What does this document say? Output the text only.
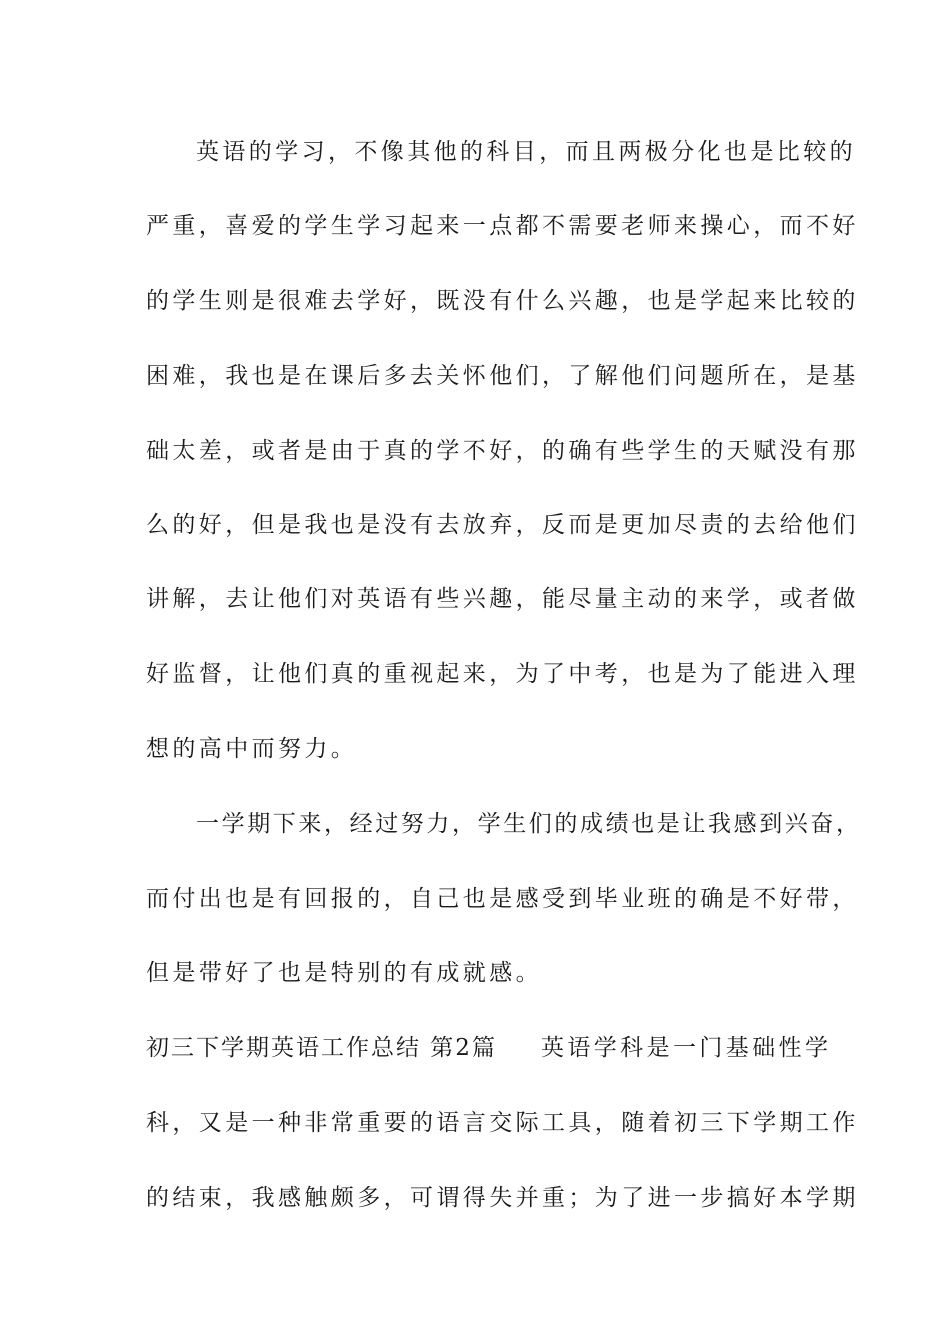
英语的学习，不像其他的科目，而且两极分化也是比较的
严重，喜爱的学生学习起来一点都不需要老师来操心，而不好
的学生则是很难去学好，既没有什么兴趣，也是学起来比较的
困难，我也是在课后多去关怀他们，了解他们问题所在，是基
础太差，或者是由于真的学不好，的确有些学生的天赋没有那
么的好，但是我也是没有去放弃，反而是更加尽责的去给他们
讲解，去让他们对英语有些兴趣，能尽量主动的来学，或者做
好监督，让他们真的重视起来，为了中考，也是为了能进入理
想的高中而努力。
一学期下来，经过努力，学生们的成绩也是让我感到兴奋，
而付出也是有回报的，自己也是感受到毕业班的确是不好带，
但是带好了也是特别的有成就感。
初三下学期英语工作总结 第2篇 英语学科是一门基础性学
科，又是一种非常重要的语言交际工具，随着初三下学期工作
的结束，我感触颇多，可谓得失并重；为了进一步搞好本学期
